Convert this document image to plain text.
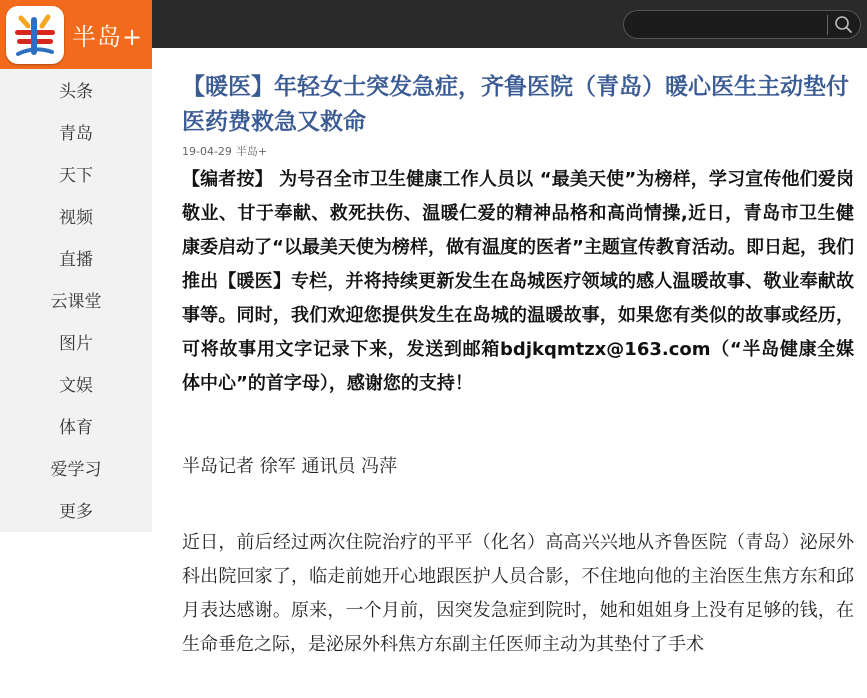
半岛+
头条
青岛
天下
视频
直播
云课堂
图片
文娱
体育
爱学习
更多
【暖医】年轻女士突发急症，齐鲁医院（青岛）暖心医生主动垫付医药费救急又救命
19-04-29 半岛+
【编者按】 为号召全市卫生健康工作人员以 “最美天使”为榜样，学习宣传他们爱岗敬业、甘于奉献、救死扶伤、温暖仁爱的精神品格和高尚情操,近日，青岛市卫生健康委启动了“以最美天使为榜样，做有温度的医者”主题宣传教育活动。即日起，我们推出【暖医】专栏，并将持续更新发生在岛城医疗领域的感人温暖故事、敬业奉献故事等。同时，我们欢迎您提供发生在岛城的温暖故事，如果您有类似的故事或经历，可将故事用文字记录下来，发送到邮箱bdjkqmtzx@163.com（“半岛健康全媒体中心”的首字母），感谢您的支持！
半岛记者 徐军 通讯员 冯萍
近日，前后经过两次住院治疗的平平（化名）高高兴兴地从齐鲁医院（青岛）泌尿外科出院回家了，临走前她开心地跟医护人员合影，不住地向他的主治医生焦方东和邱月表达感谢。原来，一个月前，因突发急症到院时，她和姐姐身上没有足够的钱，在生命垂危之际，是泌尿外科焦方东副主任医师主动为其垫付了手术
